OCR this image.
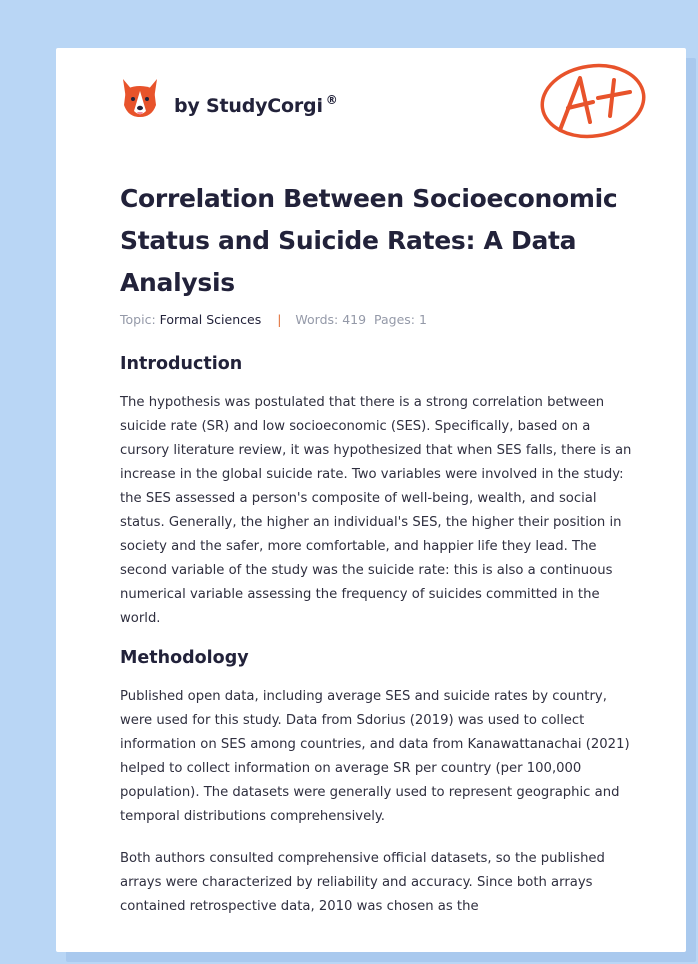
by StudyCorgi ®
Correlation Between Socioeconomic Status and Suicide Rates: A Data Analysis
Topic: Formal Sciences | Words: 419 Pages: 1
Introduction

The hypothesis was postulated that there is a strong correlation between suicide rate (SR) and low socioeconomic (SES). Specifically, based on a cursory literature review, it was hypothesized that when SES falls, there is an increase in the global suicide rate. Two variables were involved in the study: the SES assessed a person's composite of well-being, wealth, and social status. Generally, the higher an individual's SES, the higher their position in society and the safer, more comfortable, and happier life they lead. The second variable of the study was the suicide rate: this is also a continuous numerical variable assessing the frequency of suicides committed in the world.

Methodology

Published open data, including average SES and suicide rates by country, were used for this study. Data from Sdorius (2019) was used to collect information on SES among countries, and data from Kanawattanachai (2021) helped to collect information on average SR per country (per 100,000 population). The datasets were generally used to represent geographic and temporal distributions comprehensively.

Both authors consulted comprehensive official datasets, so the published arrays were characterized by reliability and accuracy. Since both arrays contained retrospective data, 2010 was chosen as the
